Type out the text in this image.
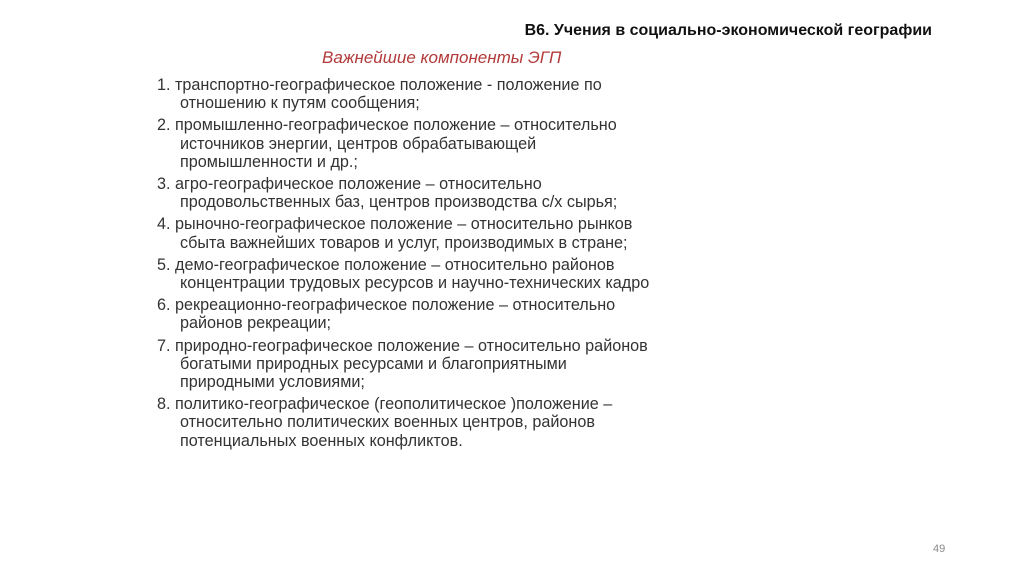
В6. Учения в социально-экономической географии
Важнейшие компоненты ЭГП
1. транспортно-географическое положение - положение по
отношению к путям сообщения;
2. промышленно-географическое положение – относительно
источников энергии, центров обрабатывающей
промышленности и др.;
3. агро-географическое положение – относительно
продовольственных баз, центров производства с/х сырья;
4. рыночно-географическое положение – относительно рынков
сбыта важнейших товаров и услуг, производимых в стране;
5. демо-географическое положение – относительно районов
концентрации трудовых ресурсов и научно-технических кадро
6. рекреационно-географическое положение – относительно
районов рекреации;
7. природно-географическое положение – относительно районов
богатыми природных ресурсами и благоприятными
природными условиями;
8. политико-географическое (геополитическое )положение –
относительно политических военных центров, районов
потенциальных военных конфликтов.
49
